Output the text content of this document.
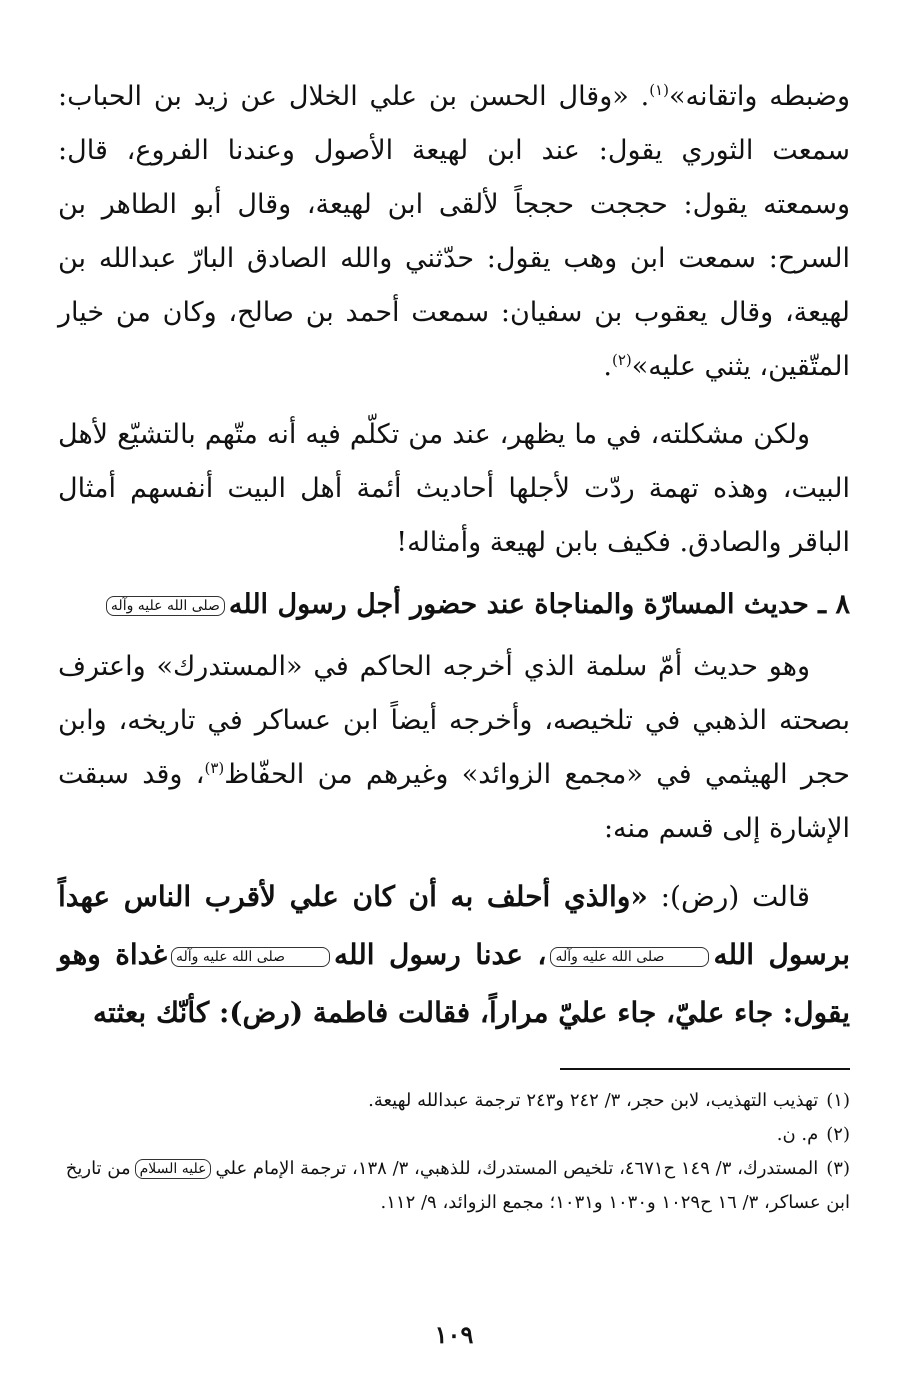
وضبطه واتقانه»$^{(١)}$. «وقال الحسن بن علي الخلال عن زيد بن الحباب: سمعت الثوري يقول: عند ابن لهيعة الأصول وعندنا الفروع، قال: وسمعته يقول: حججت حججاً لألقى ابن لهيعة، وقال أبو الطاهر بن السرح: سمعت ابن وهب يقول: حدّثني والله الصادق البارّ عبدالله بن لهيعة، وقال يعقوب بن سفيان: سمعت أحمد بن صالح، وكان من خيار المتّقين، يثني عليه»$^{(٢)}$.

ولكن مشكلته، في ما يظهر، عند من تكلّم فيه أنه متّهم بالتشيّع لأهل البيت، وهذه تهمة ردّت لأجلها أحاديث أئمة أهل البيت أنفسهم أمثال الباقر والصادق. فكيف بابن لهيعة وأمثاله!

٨ ـ حديث المسارّة والمناجاة عند حضور أجل رسول اللهصلى الله عليه وآله

وهو حديث أمّ سلمة الذي أخرجه الحاكم في «المستدرك» واعترف بصحته الذهبي في تلخيصه، وأخرجه أيضاً ابن عساكر في تاريخه، وابن حجر الهيثمي في «مجمع الزوائد» وغيرهم من الحفّاظ$^{(٣)}$، وقد سبقت الإشارة إلى قسم منه:

قالت (رض): «والذي أحلف به أن كان علي لأقرب الناس عهداً برسول اللهصلى الله عليه وآله، عدنا رسول اللهصلى الله عليه وآلهغداة وهو يقول: جاء عليّ، جاء عليّ مراراً، فقالت فاطمة (رض): كأنّك بعثته

(١)تهذيب التهذيب، لابن حجر، ٣/ ٢٤٢ و٢٤٣ ترجمة عبدالله لهيعة.

(٢)م. ن.

(٣)المستدرك، ٣/ ١٤٩ ح٤٦٧١، تلخيص المستدرك، للذهبي، ٣/ ١٣٨، ترجمة الإمام عليعليه السلاممن تاريخ ابن عساكر، ٣/ ١٦ ح١٠٢٩ و١٠٣٠ و١٠٣١؛ مجمع الزوائد، ٩/ ١١٢.

١٠٩
